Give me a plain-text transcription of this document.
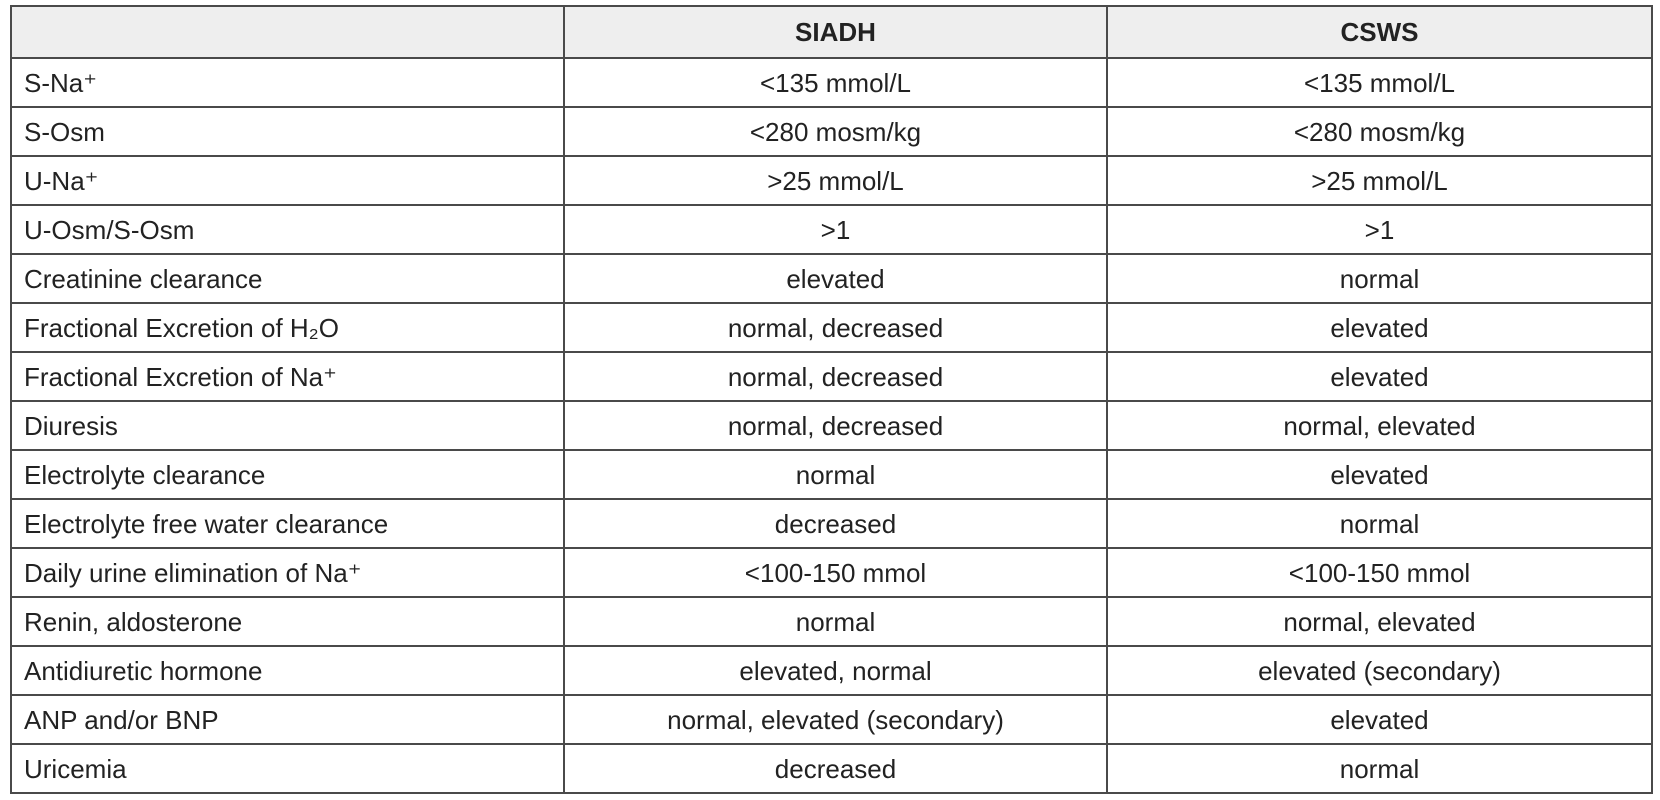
	SIADH	CSWS
S-Na⁺	<135 mmol/L	<135 mmol/L
S-Osm	<280 mosm/kg	<280 mosm/kg
U-Na⁺	>25 mmol/L	>25 mmol/L
U-Osm/S-Osm	>1	>1
Creatinine clearance	elevated	normal
Fractional Excretion of H₂O	normal, decreased	elevated
Fractional Excretion of Na⁺	normal, decreased	elevated
Diuresis	normal, decreased	normal, elevated
Electrolyte clearance	normal	elevated
Electrolyte free water clearance	decreased	normal
Daily urine elimination of Na⁺	<100-150 mmol	<100-150 mmol
Renin, aldosterone	normal	normal, elevated
Antidiuretic hormone	elevated, normal	elevated (secondary)
ANP and/or BNP	normal, elevated (secondary)	elevated
Uricemia	decreased	normal
